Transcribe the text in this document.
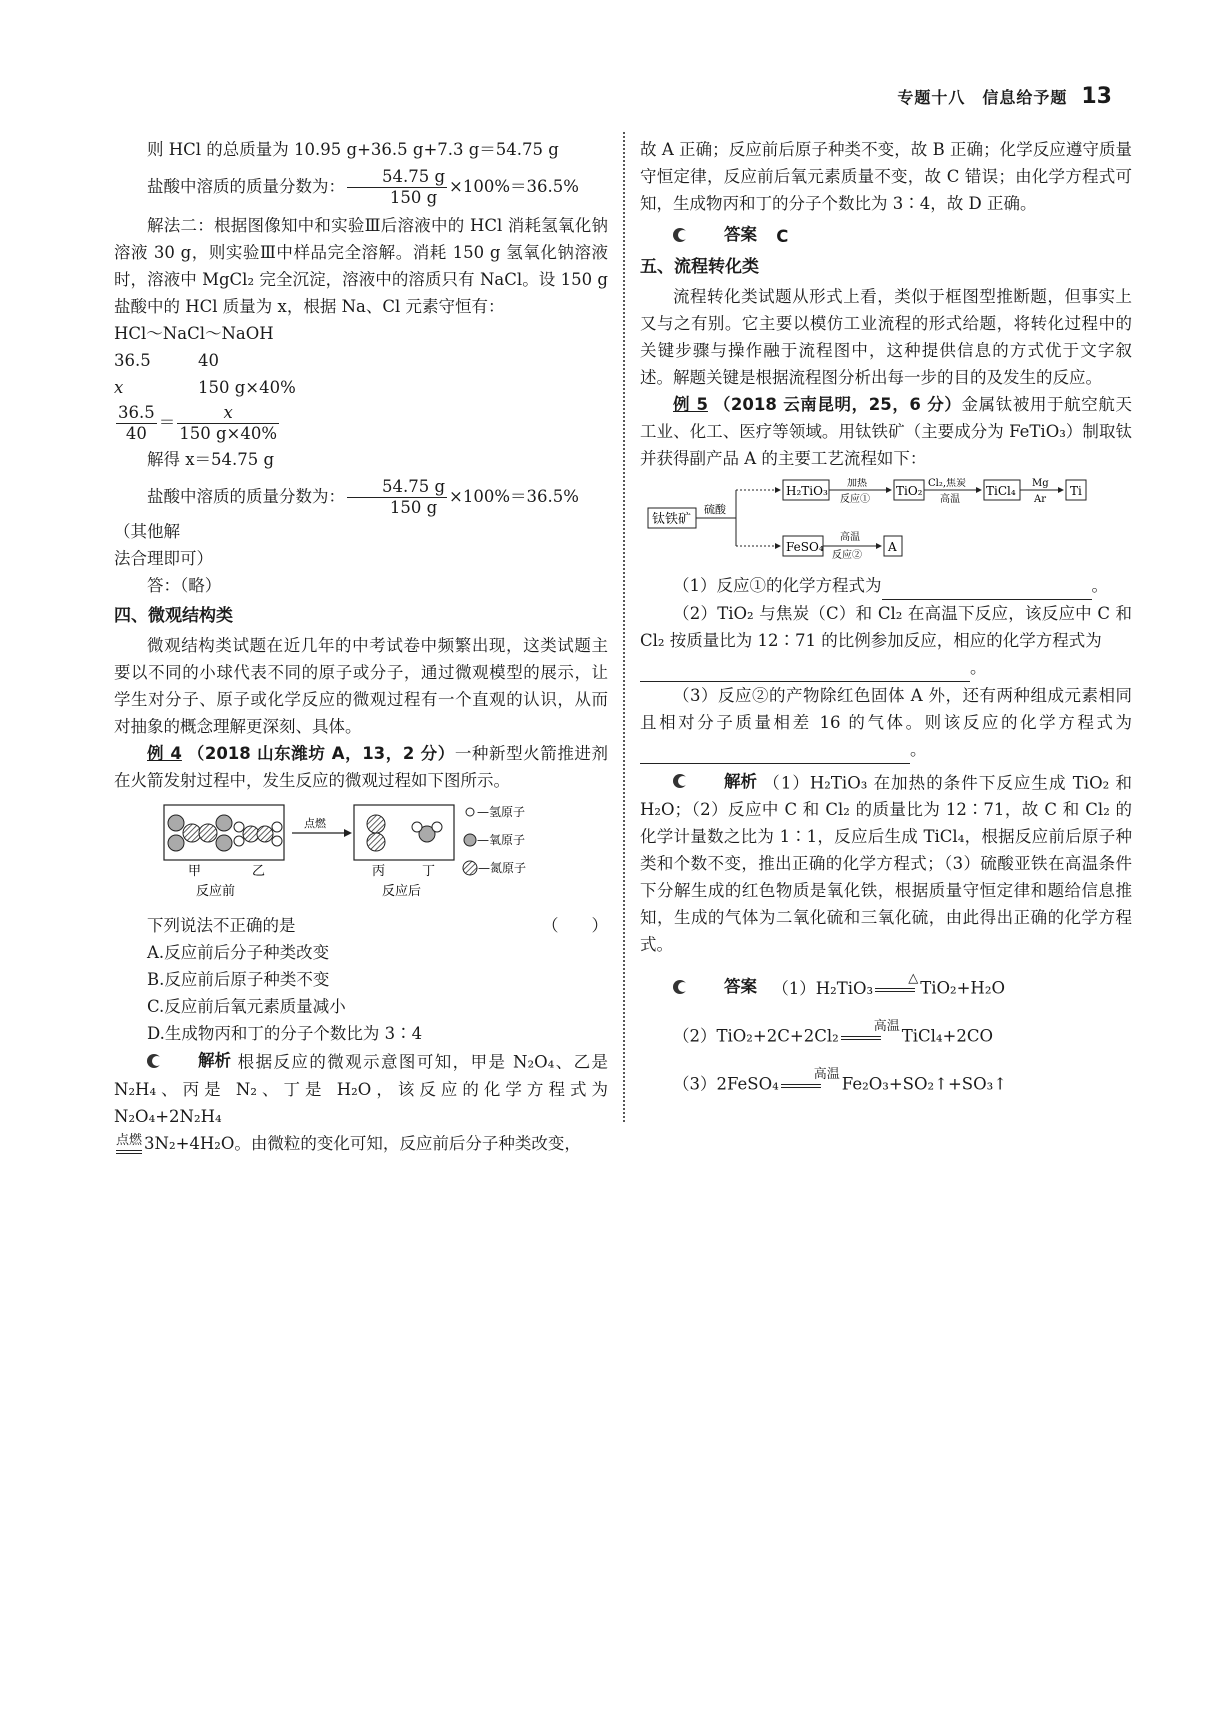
专题十八　信息给予题 13

则 HCl 的总质量为 10.95 g+36.5 g+7.3 g＝54.75 g

盐酸中溶质的质量分数为： $\frac{54.75 g}{150 g} \times 100\%=36.5\%$

解法二：根据图像知中和实验Ⅲ后溶液中的 HCl 消耗氢氧化钠溶液 30 g，则实验Ⅲ中样品完全溶解。消耗 150 g 氢氧化钠溶液时，溶液中 MgCl₂ 完全沉淀，溶液中的溶质只有 NaCl。设 150 g 盐酸中的 HCl 质量为 x，根据 Na、Cl 元素守恒有：

HCl～NaCl～NaOH

36.5	40

x	150 g×40%

$\frac{36.5}{40} = \frac{x}{150 g\times 40\%}$

解得 x＝54.75 g

盐酸中溶质的质量分数为： $\frac{54.75 g}{150 g} \times 100\%=36.5\%$（其他解

法合理即可）

答：（略）

四、微观结构类

微观结构类试题在近几年的中考试卷中频繁出现，这类试题主要以不同的小球代表不同的原子或分子，通过微观模型的展示，让学生对分子、原子或化学反应的微观过程有一个直观的认识，从而对抽象的概念理解更深刻、具体。

例 4 （2018 山东潍坊 A，13，2 分）一种新型火箭推进剂在火箭发射过程中，发生反应的微观过程如下图所示。

甲	乙
点燃
丙	丁
反应前	反应后
—氢原子
—氧原子
—氮原子

下列说法不正确的是	（　　）

A.反应前后分子种类改变

B.反应前后原子种类不变

C.反应前后氧元素质量减小

D.生成物丙和丁的分子个数比为 3∶4

解析 根据反应的微观示意图可知，甲是 N₂O₄、乙是 N₂H₄、丙是 N₂、丁是 H₂O，该反应的化学方程式为 N₂O₄+2N₂H₄

点燃 3N₂+4H₂O。由微粒的变化可知，反应前后分子种类改变，

故 A 正确；反应前后原子种类不变，故 B 正确；化学反应遵守质量守恒定律，反应前后氧元素质量不变，故 C 错误；由化学方程式可知，生成物丙和丁的分子个数比为 3∶4，故 D 正确。

答案 C

五、流程转化类

流程转化类试题从形式上看，类似于框图型推断题，但事实上又与之有别。它主要以模仿工业流程的形式给题，将转化过程中的关键步骤与操作融于流程图中，这种提供信息的方式优于文字叙述。解题关键是根据流程图分析出每一步的目的及发生的反应。

例 5 （2018 云南昆明，25，6 分）金属钛被用于航空航天工业、化工、医疗等领域。用钛铁矿（主要成分为 FeTiO₃）制取钛并获得副产品 A 的主要工艺流程如下：

钛铁矿
硫酸
H₂TiO₃
加热
反应①
TiO₂
Cl₂,焦炭
高温
TiCl₄
Mg
Ar
Ti
FeSO₄
高温
反应②
A

（1）反应①的化学方程式为	。

（2）TiO₂ 与焦炭（C）和 Cl₂ 在高温下反应，该反应中 C 和 Cl₂ 按质量比为 12∶71 的比例参加反应，相应的化学方程式为

。

（3）反应②的产物除红色固体 A 外，还有两种组成元素相同且相对分子质量相差 16 的气体。则该反应的化学方程式为 。

解析 （1）H₂TiO₃ 在加热的条件下反应生成 TiO₂ 和 H₂O；（2）反应中 C 和 Cl₂ 的质量比为 12∶71，故 C 和 Cl₂ 的化学计量数之比为 1∶1，反应后生成 TiCl₄，根据反应前后原子种类和个数不变，推出正确的化学方程式；（3）硫酸亚铁在高温条件下分解生成的红色物质是氧化铁，根据质量守恒定律和题给信息推知，生成的气体为二氧化硫和三氧化硫，由此得出正确的化学方程式。

答案 （1）H₂TiO₃	△
TiO₂+H₂O

（2）TiO₂+2C+2Cl₂	高温
TiCl₄+2CO

（3）2FeSO₄	高温
Fe₂O₃+SO₂↑+SO₃↑
